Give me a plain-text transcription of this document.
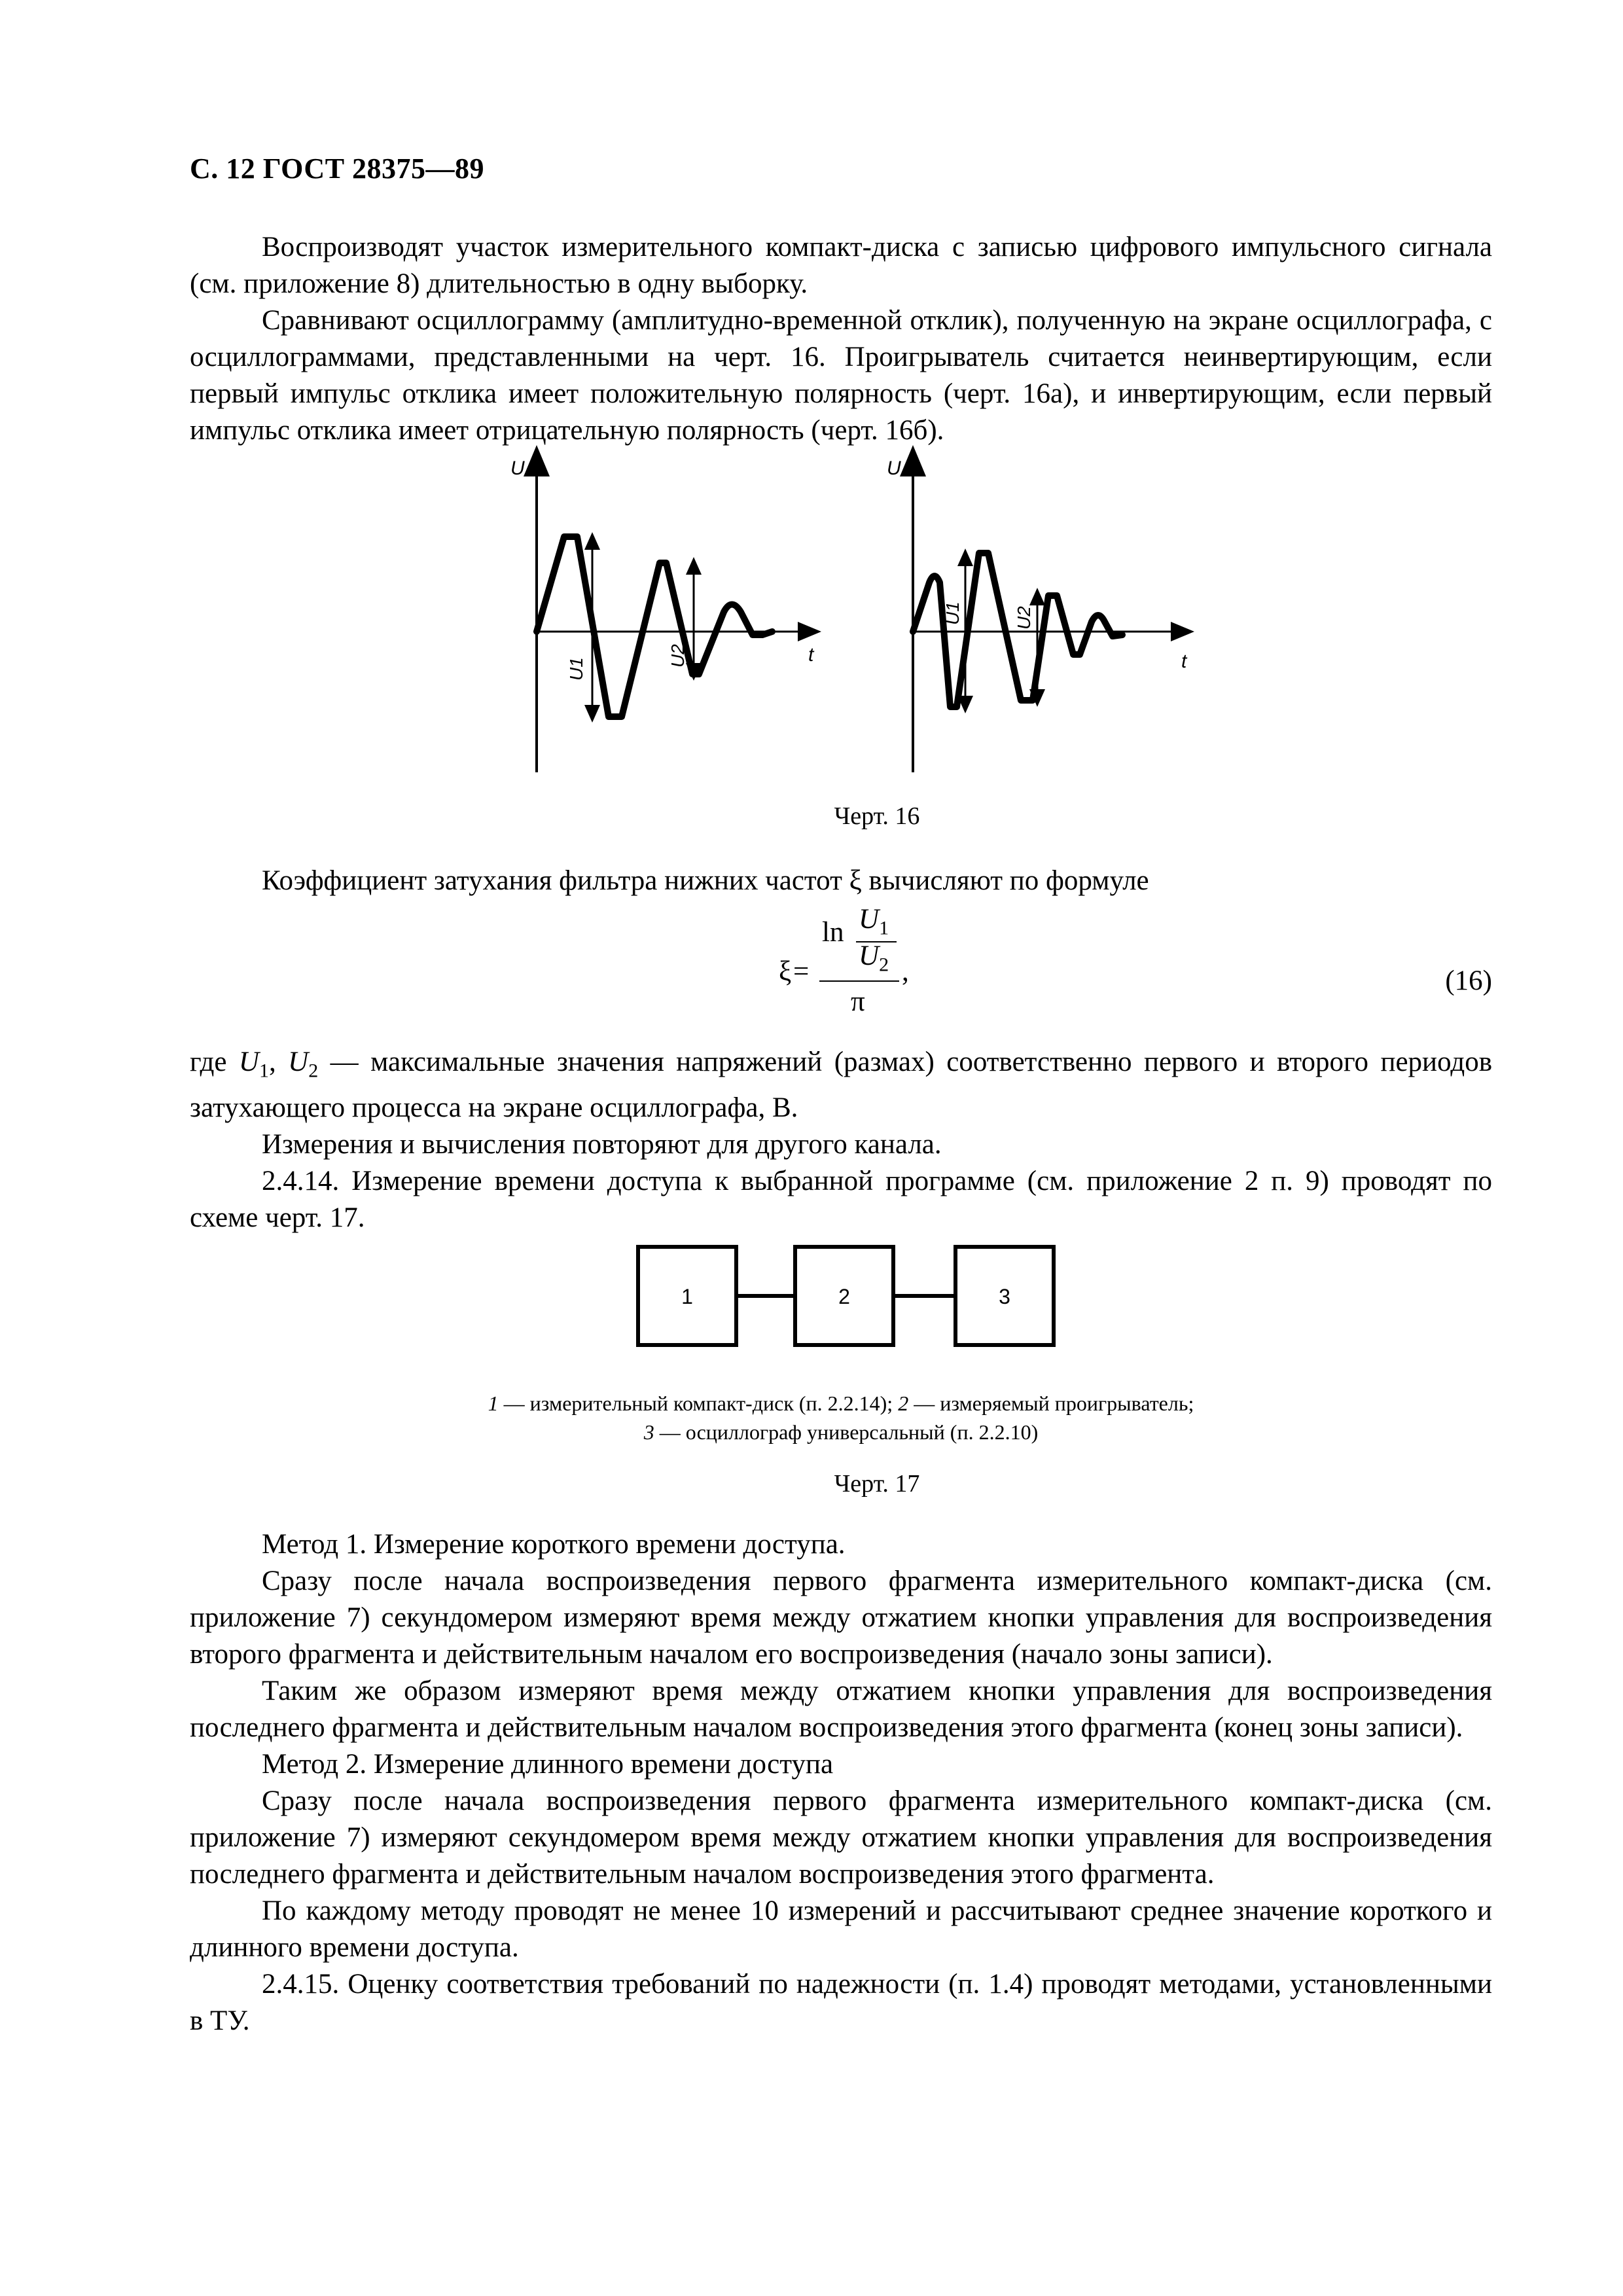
С. 12 ГОСТ 28375—89

Воспроизводят участок измерительного компакт-диска с записью цифрового импульсного сигнала (см. приложение 8) длительностью в одну выборку.

Сравнивают осциллограмму (амплитудно-временной отклик), полученную на экране осциллографа, с осциллограммами, представленными на черт. 16. Проигрыватель считается неинвертирующим, если первый импульс отклика имеет положительную полярность (черт. 16а), и инвертирующим, если первый импульс отклика имеет отрицательную полярность (черт. 16б).

U
t
U1
U2
U
t
U1	U2
Черт. 16

Коэффициент затухания фильтра нижних частот ξ вычисляют по формуле

ξ =
$\ln U_1$
$U_2$
π
,	(16)

где $U_1$, $U_2$ — максимальные значения напряжений (размах) соответственно первого и второго периодов затухающего процесса на экране осциллографа, В.

Измерения и вычисления повторяют для другого канала.

2.4.14. Измерение времени доступа к выбранной программе (см. приложение 2 п. 9) проводят по схеме черт. 17.

1	2	3
1 — измерительный компакт-диск (п. 2.2.14); 2 — измеряемый проигрыватель;
3 — осциллограф универсальный (п. 2.2.10)
Черт. 17

Метод 1. Измерение короткого времени доступа.

Сразу после начала воспроизведения первого фрагмента измерительного компакт-диска (см. приложение 7) секундомером измеряют время между отжатием кнопки управления для воспроизведения второго фрагмента и действительным началом его воспроизведения (начало зоны записи).

Таким же образом измеряют время между отжатием кнопки управления для воспроизведения последнего фрагмента и действительным началом воспроизведения этого фрагмента (конец зоны записи).

Метод 2. Измерение длинного времени доступа

Сразу после начала воспроизведения первого фрагмента измерительного компакт-диска (см. приложение 7) измеряют секундомером время между отжатием кнопки управления для воспроизведения последнего фрагмента и действительным началом воспроизведения этого фрагмента.

По каждому методу проводят не менее 10 измерений и рассчитывают среднее значение короткого и длинного времени доступа.

2.4.15. Оценку соответствия требований по надежности (п. 1.4) проводят методами, установленными в ТУ.
